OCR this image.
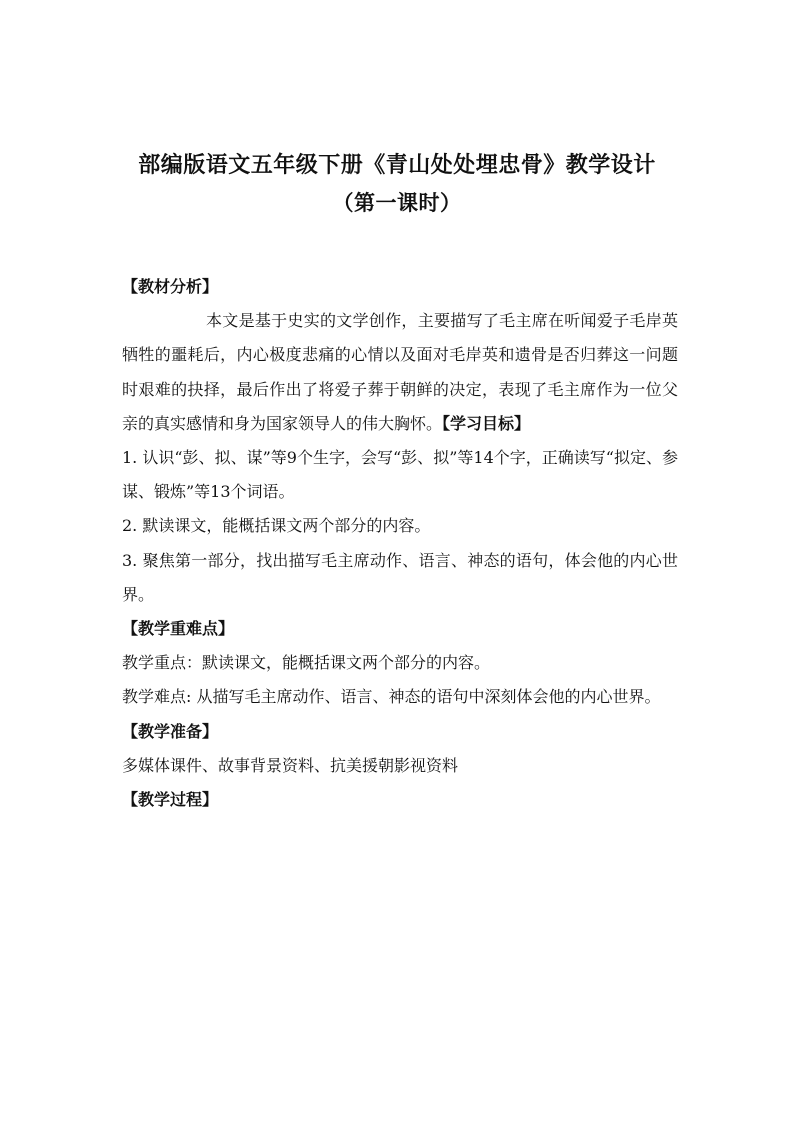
部编版语文五年级下册《青山处处埋忠骨》教学设计
（第一课时）
【教材分析】

本文是基于史实的文学创作，主要描写了毛主席在听闻爱子毛岸英牺牲的噩耗后，内心极度悲痛的心情以及面对毛岸英和遗骨是否归葬这一问题时艰难的抉择，最后作出了将爱子葬于朝鲜的决定，表现了毛主席作为一位父亲的真实感情和身为国家领导人的伟大胸怀。【学习目标】

1. 认识“彭、拟、谋”等9个生字，会写“彭、拟”等14个字，正确读写“拟定、参谋、锻炼”等13个词语。

2. 默读课文，能概括课文两个部分的内容。

3. 聚焦第一部分，找出描写毛主席动作、语言、神态的语句，体会他的内心世界。

【教学重难点】

教学重点：默读课文，能概括课文两个部分的内容。

教学难点: 从描写毛主席动作、语言、神态的语句中深刻体会他的内心世界。

【教学准备】

多媒体课件、故事背景资料、抗美援朝影视资料

【教学过程】
